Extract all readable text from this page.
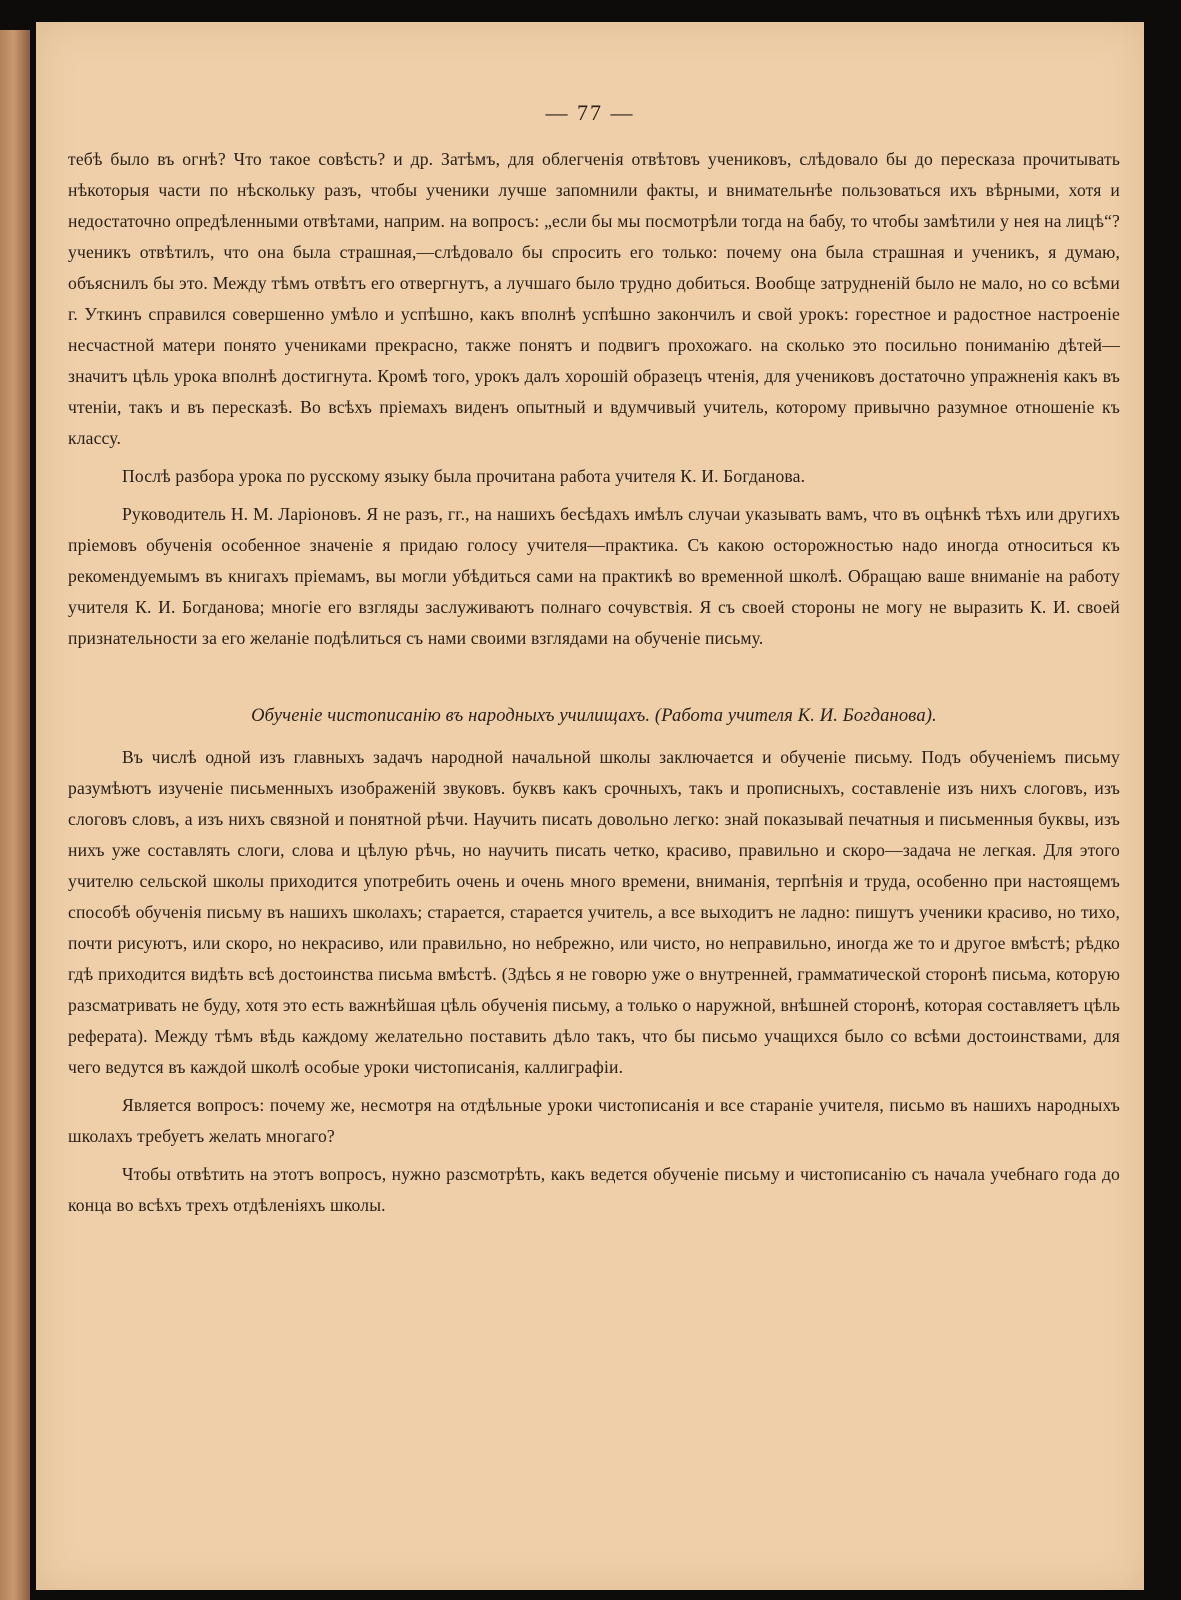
— 77 —

тебѣ было въ огнѣ? Что такое совѣсть? и др. Затѣмъ, для облегченія отвѣтовъ учениковъ, слѣдовало бы до пересказа прочитывать нѣкоторыя части по нѣскольку разъ, чтобы ученики лучше запомнили факты, и внимательнѣе пользоваться ихъ вѣрными, хотя и недостаточно опредѣленными отвѣтами, наприм. на вопросъ: „если бы мы посмотрѣли тогда на бабу, то чтобы замѣтили у нея на лицѣ“? ученикъ отвѣтилъ, что она была страшная,—слѣдовало бы спросить его только: почему она была страшная и ученикъ, я думаю, объяснилъ бы это. Между тѣмъ отвѣтъ его отвергнутъ, а лучшаго было трудно добиться. Вообще затрудненій было не мало, но со всѣми г. Уткинъ справился совершенно умѣло и успѣшно, какъ вполнѣ успѣшно закончилъ и свой урокъ: горестное и радостное настроеніе несчастной матери понято учениками прекрасно, также понятъ и подвигъ прохожаго. на сколько это посильно пониманію дѣтей—значитъ цѣль урока вполнѣ достигнута. Кромѣ того, урокъ далъ хорошій образецъ чтенія, для учениковъ достаточно упражненія какъ въ чтеніи, такъ и въ пересказѣ. Во всѣхъ пріемахъ виденъ опытный и вдумчивый учитель, которому привычно разумное отношеніе къ классу.

Послѣ разбора урока по русскому языку была прочитана работа учителя К. И. Богданова.

Руководитель Н. М. Ларіоновъ. Я не разъ, гг., на нашихъ бесѣдахъ имѣлъ случаи указывать вамъ, что въ оцѣнкѣ тѣхъ или другихъ пріемовъ обученія особенное значеніе я придаю голосу учителя—практика. Съ какою осторожностью надо иногда относиться къ рекомендуемымъ въ книгахъ пріемамъ, вы могли убѣдиться сами на практикѣ во временной школѣ. Обращаю ваше вниманіе на работу учителя К. И. Богданова; многіе его взгляды заслуживаютъ полнаго сочувствія. Я съ своей стороны не могу не выразить К. И. своей признательности за его желаніе подѣлиться съ нами своими взглядами на обученіе письму.

Обученіе чистописанію въ народныхъ училищахъ. (Работа учителя К. И. Богданова).

Въ числѣ одной изъ главныхъ задачъ народной начальной школы заключается и обученіе письму. Подъ обученіемъ письму разумѣютъ изученіе письменныхъ изображеній звуковъ. буквъ какъ срочныхъ, такъ и прописныхъ, составленіе изъ нихъ слоговъ, изъ слоговъ словъ, а изъ нихъ связной и понятной рѣчи. Научить писать довольно легко: знай показывай печатныя и письменныя буквы, изъ нихъ уже составлять слоги, слова и цѣлую рѣчь, но научить писать четко, красиво, правильно и скоро—задача не легкая. Для этого учителю сельской школы приходится употребить очень и очень много времени, вниманія, терпѣнія и труда, особенно при настоящемъ способѣ обученія письму въ нашихъ школахъ; старается, старается учитель, а все выходитъ не ладно: пишутъ ученики красиво, но тихо, почти рисуютъ, или скоро, но некрасиво, или правильно, но небрежно, или чисто, но неправильно, иногда же то и другое вмѣстѣ; рѣдко гдѣ приходится видѣть всѣ достоинства письма вмѣстѣ. (Здѣсь я не говорю уже о внутренней, грамматической сторонѣ письма, которую разсматривать не буду, хотя это есть важнѣйшая цѣль обученія письму, а только о наружной, внѣшней сторонѣ, которая составляетъ цѣль реферата). Между тѣмъ вѣдь каждому желательно поставить дѣло такъ, что бы письмо учащихся было со всѣми достоинствами, для чего ведутся въ каждой школѣ особые уроки чистописанія, каллиграфіи.

Является вопросъ: почему же, несмотря на отдѣльные уроки чистописанія и все стараніе учителя, письмо въ нашихъ народныхъ школахъ требуетъ желать многаго?

Чтобы отвѣтить на этотъ вопросъ, нужно разсмотрѣть, какъ ведется обученіе письму и чистописанію съ начала учебнаго года до конца во всѣхъ трехъ отдѣленіяхъ школы.
